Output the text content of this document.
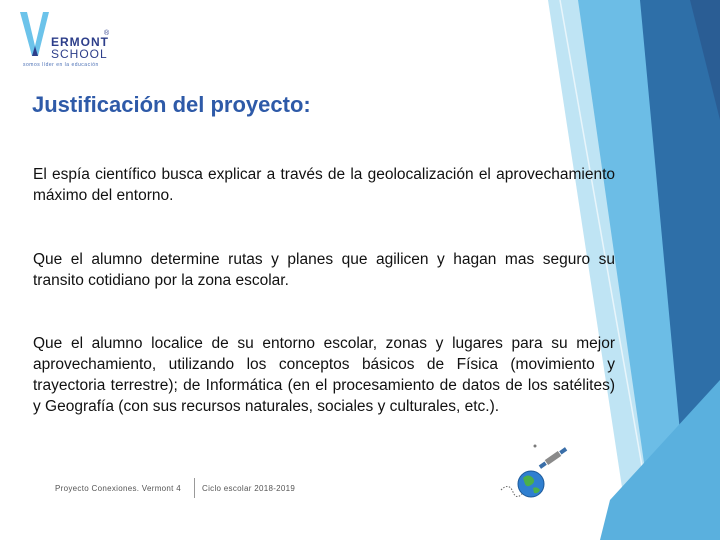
ERMONT
®
SCHOOL
somos líder en la educación
Justificación del proyecto:

El espía científico busca explicar a través de la geolocalización el aprovechamiento máximo del entorno.

Que el alumno determine rutas y planes que agilicen y hagan mas seguro su transito cotidiano por la zona escolar.

Que el alumno localice de su entorno escolar, zonas y lugares para su mejor aprovechamiento, utilizando los conceptos básicos de Física (movimiento y trayectoria terrestre); de Informática (en el procesamiento de datos de los satélites) y Geografía (con sus recursos naturales, sociales y culturales, etc.).

Proyecto Conexiones. Vermont 4	Ciclo escolar 2018-2019
